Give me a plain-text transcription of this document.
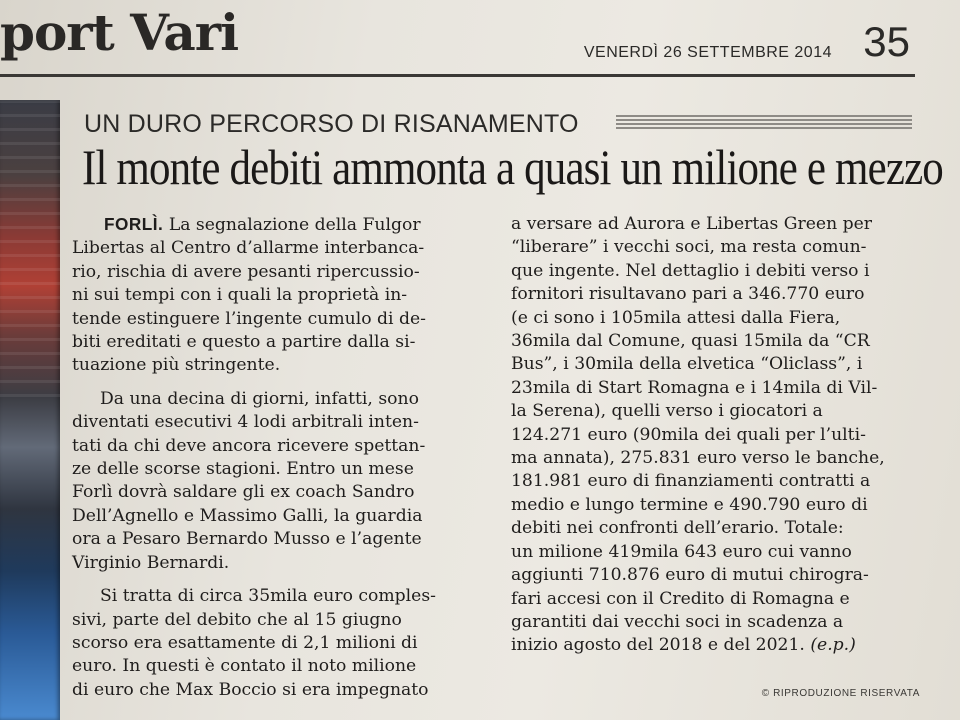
port Vari	VENERDÌ 26 SETTEMBRE 2014 35
UN DURO PERCORSO DI RISANAMENTO
Il monte debiti ammonta a quasi un milione e mezzo

FORLÌ. La segnalazione della Fulgor

Libertas al Centro d’allarme interbanca-

rio, rischia di avere pesanti ripercussio-

ni sui tempi con i quali la proprietà in-

tende estinguere l’ingente cumulo di de-

biti ereditati e questo a partire dalla si-

tuazione più stringente.

Da una decina di giorni, infatti, sono

diventati esecutivi 4 lodi arbitrali inten-

tati da chi deve ancora ricevere spettan-

ze delle scorse stagioni. Entro un mese

Forlì dovrà saldare gli ex coach Sandro

Dell’Agnello e Massimo Galli, la guardia

ora a Pesaro Bernardo Musso e l’agente

Virginio Bernardi.

Si tratta di circa 35mila euro comples-

sivi, parte del debito che al 15 giugno

scorso era esattamente di 2,1 milioni di

euro. In questi è contato il noto milione

di euro che Max Boccio si era impegnato

a versare ad Aurora e Libertas Green per

“liberare” i vecchi soci, ma resta comun-

que ingente. Nel dettaglio i debiti verso i

fornitori risultavano pari a 346.770 euro

(e ci sono i 105mila attesi dalla Fiera,

36mila dal Comune, quasi 15mila da “CR

Bus”, i 30mila della elvetica “Oliclass”, i

23mila di Start Romagna e i 14mila di Vil-

la Serena), quelli verso i giocatori a

124.271 euro (90mila dei quali per l’ulti-

ma annata), 275.831 euro verso le banche,

181.981 euro di finanziamenti contratti a

medio e lungo termine e 490.790 euro di

debiti nei confronti dell’erario. Totale:

un milione 419mila 643 euro cui vanno

aggiunti 710.876 euro di mutui chirogra-

fari accesi con il Credito di Romagna e

garantiti dai vecchi soci in scadenza a

inizio agosto del 2018 e del 2021. (e.p.)

© RIPRODUZIONE RISERVATA
